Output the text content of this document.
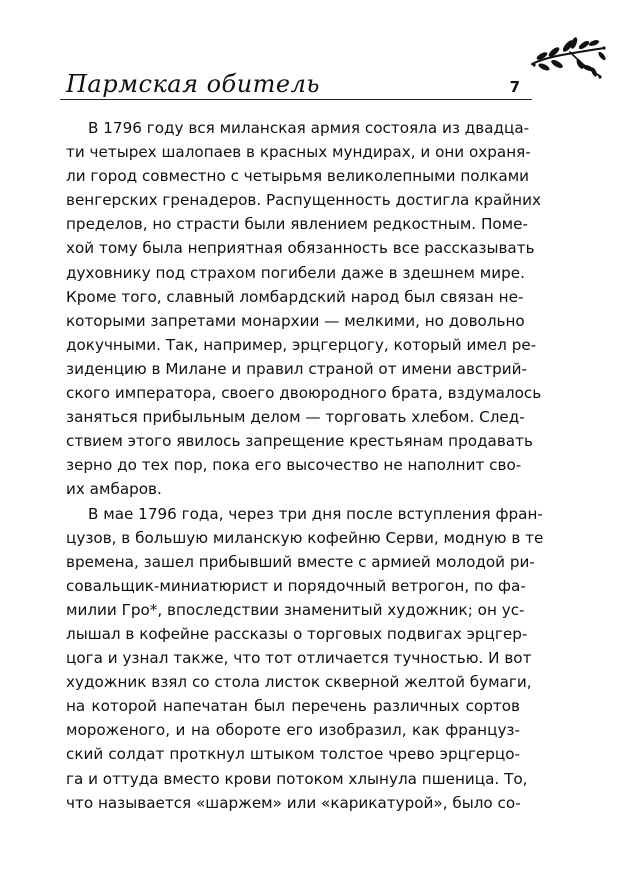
Пармская обитель	7

В 1796 году вся миланская армия состояла из двадца-
ти четырех шалопаев в красных мундирах, и они охраня-
ли город совместно с четырьмя великолепными полками
венгерских гренадеров. Распущенность достигла крайних
пределов, но страсти были явлением редкостным. Поме-
хой тому была неприятная обязанность все рассказывать
духовнику под страхом погибели даже в здешнем мире.
Кроме того, славный ломбардский народ был связан не-
которыми запретами монархии — мелкими, но довольно
докучными. Так, например, эрцгерцогу, который имел ре-
зиденцию в Милане и правил страной от имени австрий-
ского императора, своего двоюродного брата, вздумалось
заняться прибыльным делом — торговать хлебом. След-
ствием этого явилось запрещение крестьянам продавать
зерно до тех пор, пока его высочество не наполнит сво-
их амбаров.

В мае 1796 года, через три дня после вступления фран-
цузов, в большую миланскую кофейню Серви, модную в те
времена, зашел прибывший вместе с армией молодой ри-
совальщик-миниатюрист и порядочный ветрогон, по фа-
милии Гро*, впоследствии знаменитый художник; он ус-
лышал в кофейне рассказы о торговых подвигах эрцгер-
цога и узнал также, что тот отличается тучностью. И вот
художник взял со стола листок скверной желтой бумаги,
на которой напечатан был перечень различных сортов
мороженого, и на обороте его изобразил, как француз-
ский солдат проткнул штыком толстое чрево эрцгерцо-
га и оттуда вместо крови потоком хлынула пшеница. То,
что называется «шаржем» или «карикатурой», было со-
